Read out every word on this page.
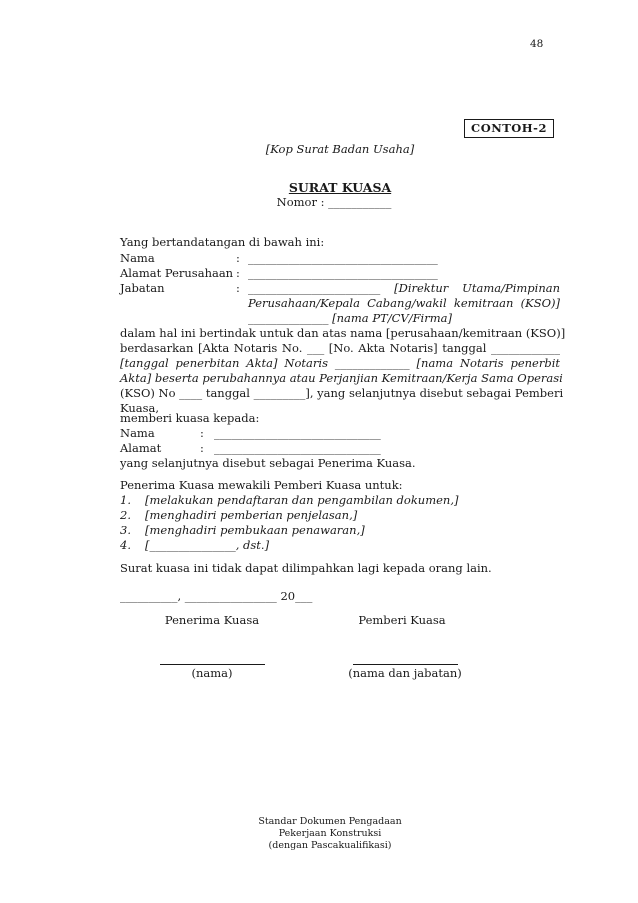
48
CONTOH-2
[Kop Surat Badan Usaha]
SURAT KUASA
Nomor : ___________
Yang bertandatangan di bawah ini:
Nama	: _________________________________
Alamat Perusahaan : _________________________________
Jabatan	: _______________________ [Direktur Utama/Pimpinan
Perusahaan/Kepala Cabang/wakil kemitraan (KSO)]
______________ [nama PT/CV/Firma]
dalam hal ini bertindak untuk dan atas nama [perusahaan/kemitraan (KSO)]
berdasarkan [Akta Notaris No. ___ [No. Akta Notaris] tanggal ____________
[tanggal penerbitan Akta] Notaris _____________ [nama Notaris penerbit
Akta] beserta perubahannya atau Perjanjian Kemitraan/Kerja Sama Operasi
(KSO) No ____ tanggal _________], yang selanjutnya disebut sebagai Pemberi
Kuasa,
memberi kuasa kepada:
Nama	: _____________________________
Alamat	: _____________________________
yang selanjutnya disebut sebagai Penerima Kuasa.
Penerima Kuasa mewakili Pemberi Kuasa untuk:
1. [melakukan pendaftaran dan pengambilan dokumen,]
2. [menghadiri pemberian penjelasan,]
3. [menghadiri pembukaan penawaran,]
4. [_______________, dst.]
Surat kuasa ini tidak dapat dilimpahkan lagi kepada orang lain.
__________, ________________ 20___
Penerima Kuasa	Pemberi Kuasa
(nama)	(nama dan jabatan)
Standar Dokumen Pengadaan
Pekerjaan Konstruksi
(dengan Pascakualifikasi)
